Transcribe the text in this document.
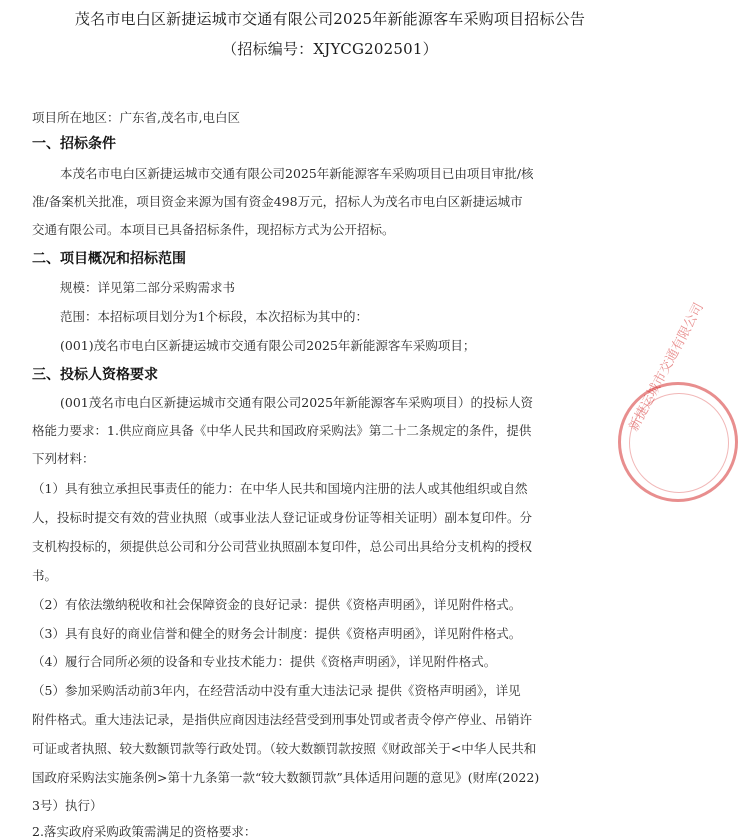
茂名市电白区新捷运城市交通有限公司2025年新能源客车采购项目招标公告
（招标编号：XJYCG202501）
项目所在地区：广东省,茂名市,电白区
一、招标条件
本茂名市电白区新捷运城市交通有限公司2025年新能源客车采购项目已由项目审批/核
准/备案机关批准，项目资金来源为国有资金498万元，招标人为茂名市电白区新捷运城市
交通有限公司。本项目已具备招标条件，现招标方式为公开招标。
二、项目概况和招标范围
规模：详见第二部分采购需求书
范围：本招标项目划分为1个标段，本次招标为其中的：
(001)茂名市电白区新捷运城市交通有限公司2025年新能源客车采购项目；
三、投标人资格要求
(001茂名市电白区新捷运城市交通有限公司2025年新能源客车采购项目）的投标人资
格能力要求：1.供应商应具备《中华人民共和国政府采购法》第二十二条规定的条件，提供
下列材料：
（1）具有独立承担民事责任的能力：在中华人民共和国境内注册的法人或其他组织或自然
人，投标时提交有效的营业执照（或事业法人登记证或身份证等相关证明）副本复印件。分
支机构投标的，须提供总公司和分公司营业执照副本复印件，总公司出具给分支机构的授权
书。
（2）有依法缴纳税收和社会保障资金的良好记录：提供《资格声明函》，详见附件格式。
（3）具有良好的商业信誉和健全的财务会计制度：提供《资格声明函》，详见附件格式。
（4）履行合同所必须的设备和专业技术能力：提供《资格声明函》，详见附件格式。
（5）参加采购活动前3年内，在经营活动中没有重大违法记录 提供《资格声明函》，详见
附件格式。重大违法记录，是指供应商因违法经营受到刑事处罚或者责令停产停业、吊销许
可证或者执照、较大数额罚款等行政处罚。（较大数额罚款按照《财政部关于<中华人民共和
国政府采购法实施条例>第十九条第一款“较大数额罚款”具体适用问题的意见》(财库(2022)
3号）执行）
2.落实政府采购政策需满足的资格要求：
新捷运城市交通有限公司
